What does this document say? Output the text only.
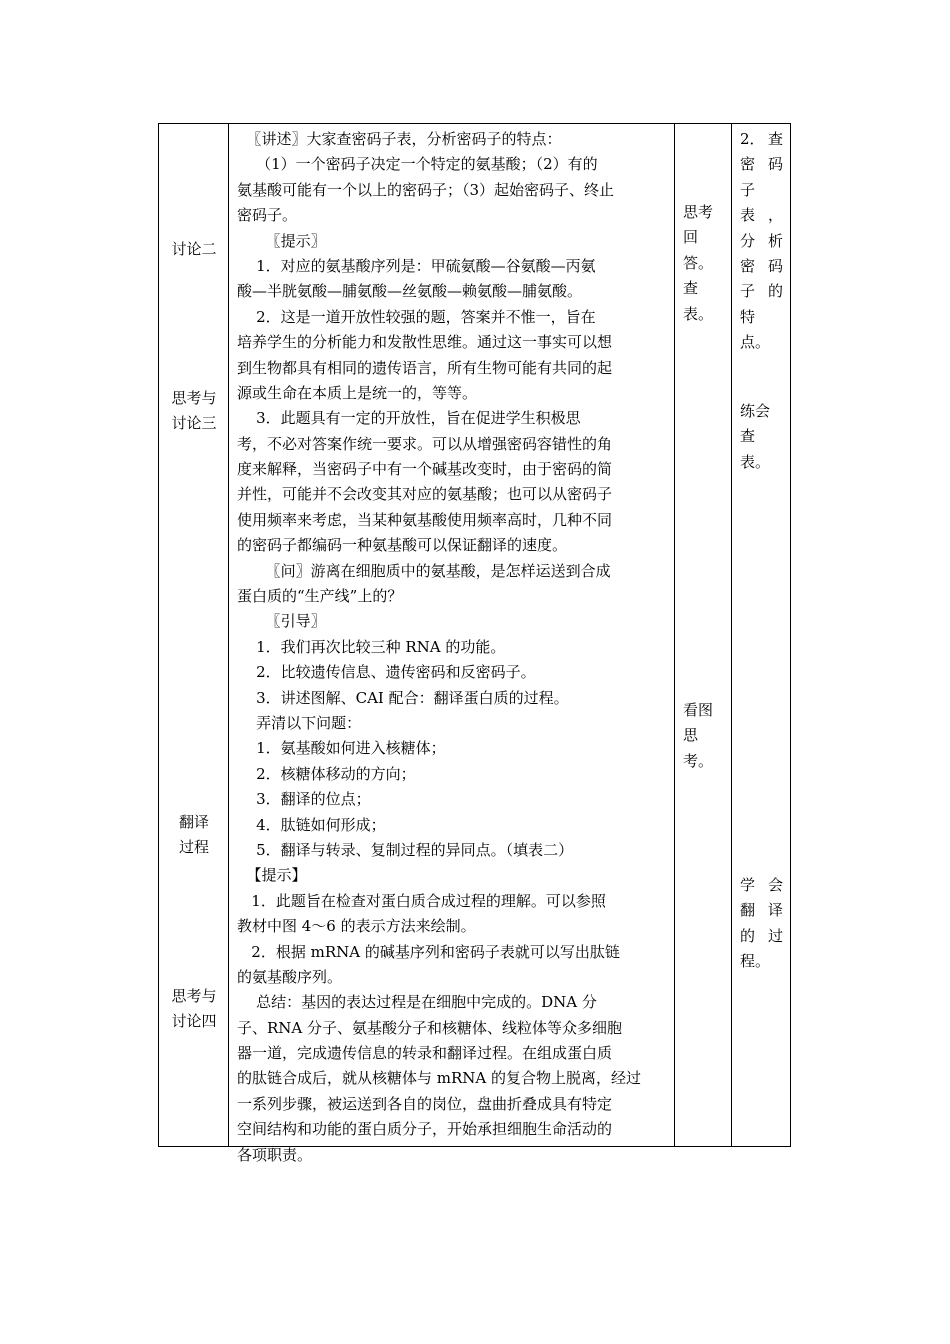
讨论二
思考与
讨论三
翻译
过程
思考与
讨论四
〖讲述〗大家查密码子表，分析密码子的特点：
（1）一个密码子决定一个特定的氨基酸；（2）有的
氨基酸可能有一个以上的密码子；（3）起始密码子、终止
密码子。
〖提示〗
1．对应的氨基酸序列是：甲硫氨酸—谷氨酸—丙氨
酸—半胱氨酸—脯氨酸—丝氨酸—赖氨酸—脯氨酸。
2．这是一道开放性较强的题，答案并不惟一，旨在
培养学生的分析能力和发散性思维。通过这一事实可以想
到生物都具有相同的遗传语言，所有生物可能有共同的起
源或生命在本质上是统一的，等等。
3．此题具有一定的开放性，旨在促进学生积极思
考，不必对答案作统一要求。可以从增强密码容错性的角
度来解释，当密码子中有一个碱基改变时，由于密码的简
并性，可能并不会改变其对应的氨基酸；也可以从密码子
使用频率来考虑，当某种氨基酸使用频率高时，几种不同
的密码子都编码一种氨基酸可以保证翻译的速度。
〖问〗游离在细胞质中的氨基酸，是怎样运送到合成
蛋白质的“生产线”上的？
〖引导〗
1．我们再次比较三种 RNA 的功能。
2．比较遗传信息、遗传密码和反密码子。
3．讲述图解、CAI 配合：翻译蛋白质的过程。
弄清以下问题：
1．氨基酸如何进入核糖体；
2．核糖体移动的方向；
3．翻译的位点；
4．肽链如何形成；
5．翻译与转录、复制过程的异同点。（填表二）
【提示】
1．此题旨在检查对蛋白质合成过程的理解。可以参照
教材中图 4～6 的表示方法来绘制。
2．根据 mRNA 的碱基序列和密码子表就可以写出肽链
的氨基酸序列。
总结：基因的表达过程是在细胞中完成的。DNA 分
子、RNA 分子、氨基酸分子和核糖体、线粒体等众多细胞
器一道，完成遗传信息的转录和翻译过程。在组成蛋白质
的肽链合成后，就从核糖体与 mRNA 的复合物上脱离，经过
一系列步骤，被运送到各自的岗位，盘曲折叠成具有特定
空间结构和功能的蛋白质分子，开始承担细胞生命活动的
各项职责。
思考
回
答。
查
表。
看图
思
考。
2． 查
密 码
子
表 ，
分 析
密 码
子 的
特
点。
练会
查
表。
学 会
翻 译
的 过
程。
